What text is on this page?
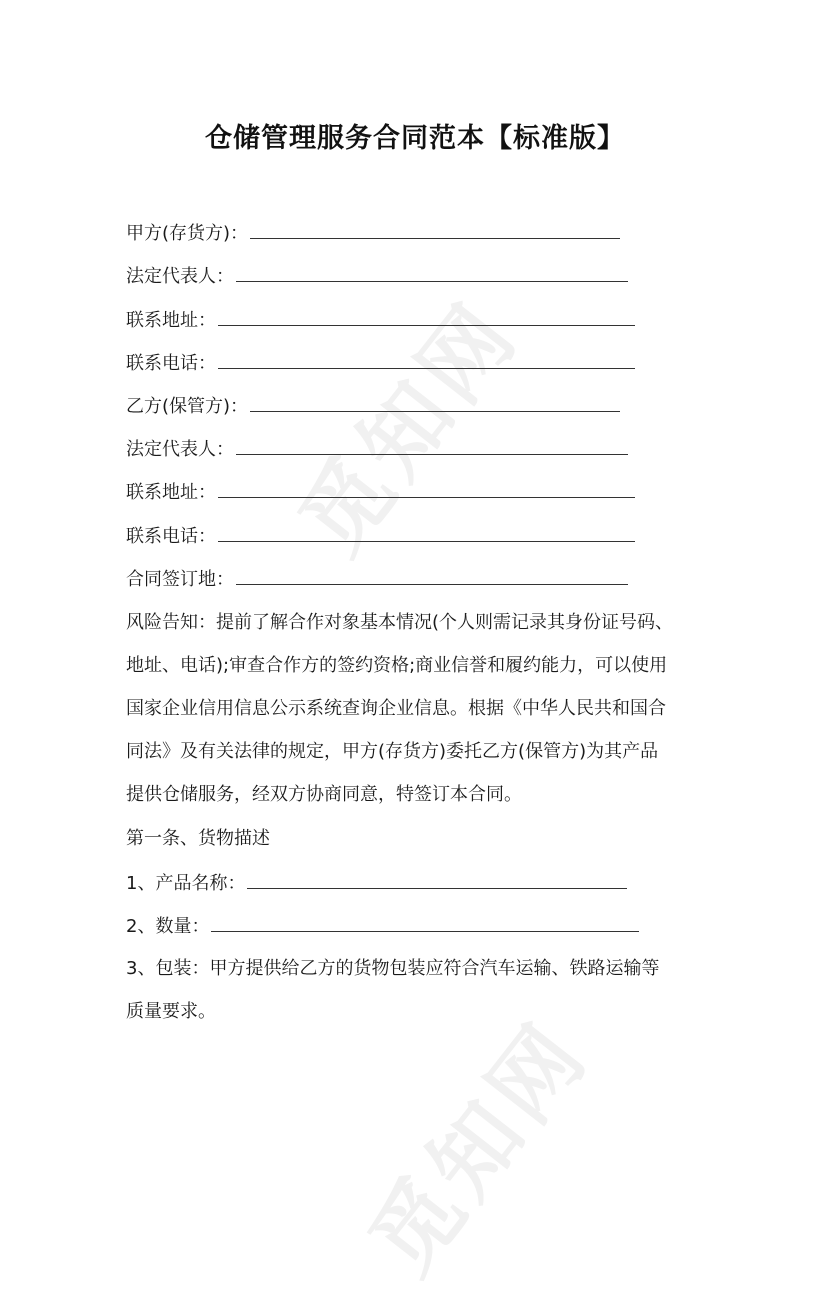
觅知网
觅知网
仓储管理服务合同范本【标准版】
甲方(存货方)：
法定代表人：
联系地址：
联系电话：
乙方(保管方)：
法定代表人：
联系地址：
联系电话：
合同签订地：
风险告知：提前了解合作对象基本情况(个人则需记录其身份证号码、
地址、电话);审查合作方的签约资格;商业信誉和履约能力，可以使用
国家企业信用信息公示系统查询企业信息。根据《中华人民共和国合
同法》及有关法律的规定，甲方(存货方)委托乙方(保管方)为其产品
提供仓储服务，经双方协商同意，特签订本合同。
第一条、货物描述
1、产品名称：
2、数量：
3、包装：甲方提供给乙方的货物包装应符合汽车运输、铁路运输等
质量要求。
